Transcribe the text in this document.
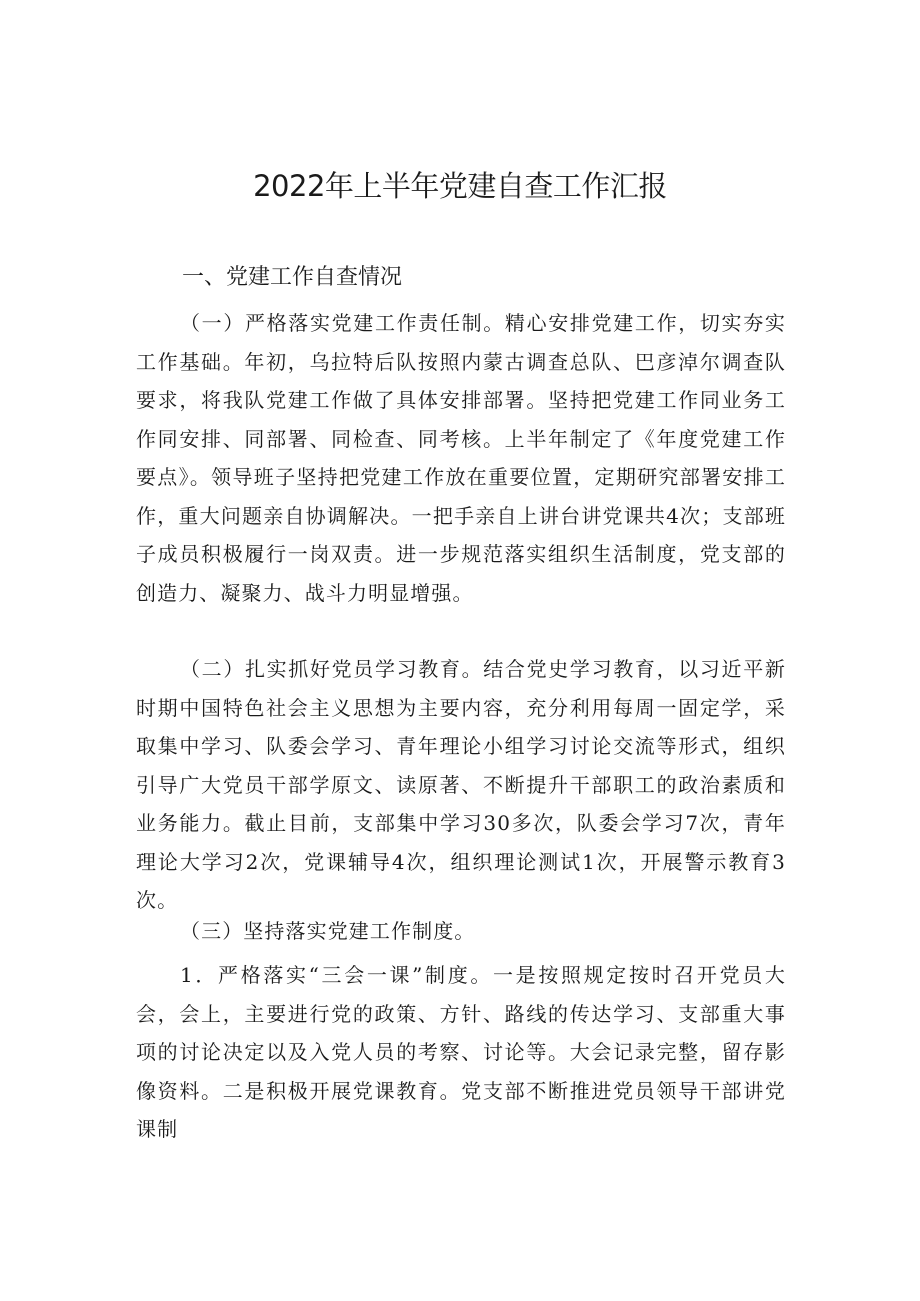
2022年上半年党建自查工作汇报
一、党建工作自查情况

（一）严格落实党建工作责任制。精心安排党建工作，切实夯实工作基础。年初，乌拉特后队按照内蒙古调查总队、巴彦淖尔调查队要求，将我队党建工作做了具体安排部署。坚持把党建工作同业务工作同安排、同部署、同检查、同考核。上半年制定了《年度党建工作要点》。领导班子坚持把党建工作放在重要位置，定期研究部署安排工作，重大问题亲自协调解决。一把手亲自上讲台讲党课共4次；支部班子成员积极履行一岗双责。进一步规范落实组织生活制度，党支部的创造力、凝聚力、战斗力明显增强。

（二）扎实抓好党员学习教育。结合党史学习教育，以习近平新时期中国特色社会主义思想为主要内容，充分利用每周一固定学，采取集中学习、队委会学习、青年理论小组学习讨论交流等形式，组织引导广大党员干部学原文、读原著、不断提升干部职工的政治素质和业务能力。截止目前，支部集中学习30多次，队委会学习7次，青年理论大学习2次，党课辅导4次，组织理论测试1次，开展警示教育3次。

（三）坚持落实党建工作制度。

1．严格落实“三会一课”制度。一是按照规定按时召开党员大会，会上，主要进行党的政策、方针、路线的传达学习、支部重大事项的讨论决定以及入党人员的考察、讨论等。大会记录完整，留存影像资料。二是积极开展党课教育。党支部不断推进党员领导干部讲党课制
